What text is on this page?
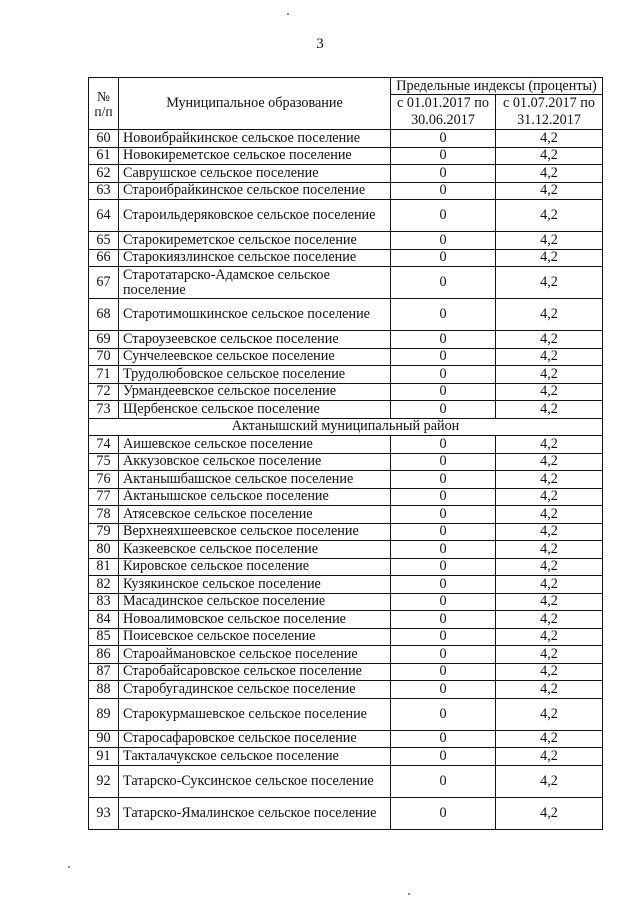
3
№ п/п	Муниципальное образование	Предельные индексы (проценты)	
		с 01.01.2017 по 30.06.2017	с 01.07.2017 по 31.12.2017
60	Новоибрайкинское сельское поселение	0	4,2
61	Новокиреметское сельское поселение	0	4,2
62	Саврушское сельское поселение	0	4,2
63	Староибрайкинское сельское поселение	0	4,2
64	Староильдеряковское сельское поселение	0	4,2
65	Старокиреметское сельское поселение	0	4,2
66	Старокиязлинское сельское поселение	0	4,2
67	Старотатарско-Адамское сельское поселение	0	4,2
68	Старотимошкинское сельское поселение	0	4,2
69	Староузеевское сельское поселение	0	4,2
70	Сунчелеевское сельское поселение	0	4,2
71	Трудолюбовское сельское поселение	0	4,2
72	Урмандеевское сельское поселение	0	4,2
73	Щербенское сельское поселение	0	4,2
Актанышский муниципальный район			
74	Аишевское сельское поселение	0	4,2
75	Аккузовское сельское поселение	0	4,2
76	Актанышбашское сельское поселение	0	4,2
77	Актанышское сельское поселение	0	4,2
78	Атясевское сельское поселение	0	4,2
79	Верхнеяхшеевское сельское поселение	0	4,2
80	Казкеевское сельское поселение	0	4,2
81	Кировское сельское поселение	0	4,2
82	Кузякинское сельское поселение	0	4,2
83	Масадинское сельское поселение	0	4,2
84	Новоалимовское сельское поселение	0	4,2
85	Поисевское сельское поселение	0	4,2
86	Староаймановское сельское поселение	0	4,2
87	Старобайсаровское сельское поселение	0	4,2
88	Старобугадинское сельское поселение	0	4,2
89	Старокурмашевское сельское поселение	0	4,2
90	Старосафаровское сельское поселение	0	4,2
91	Такталачукское сельское поселение	0	4,2
92	Татарско-Суксинское сельское поселение	0	4,2
93	Татарско-Ямалинское сельское поселение	0	4,2
